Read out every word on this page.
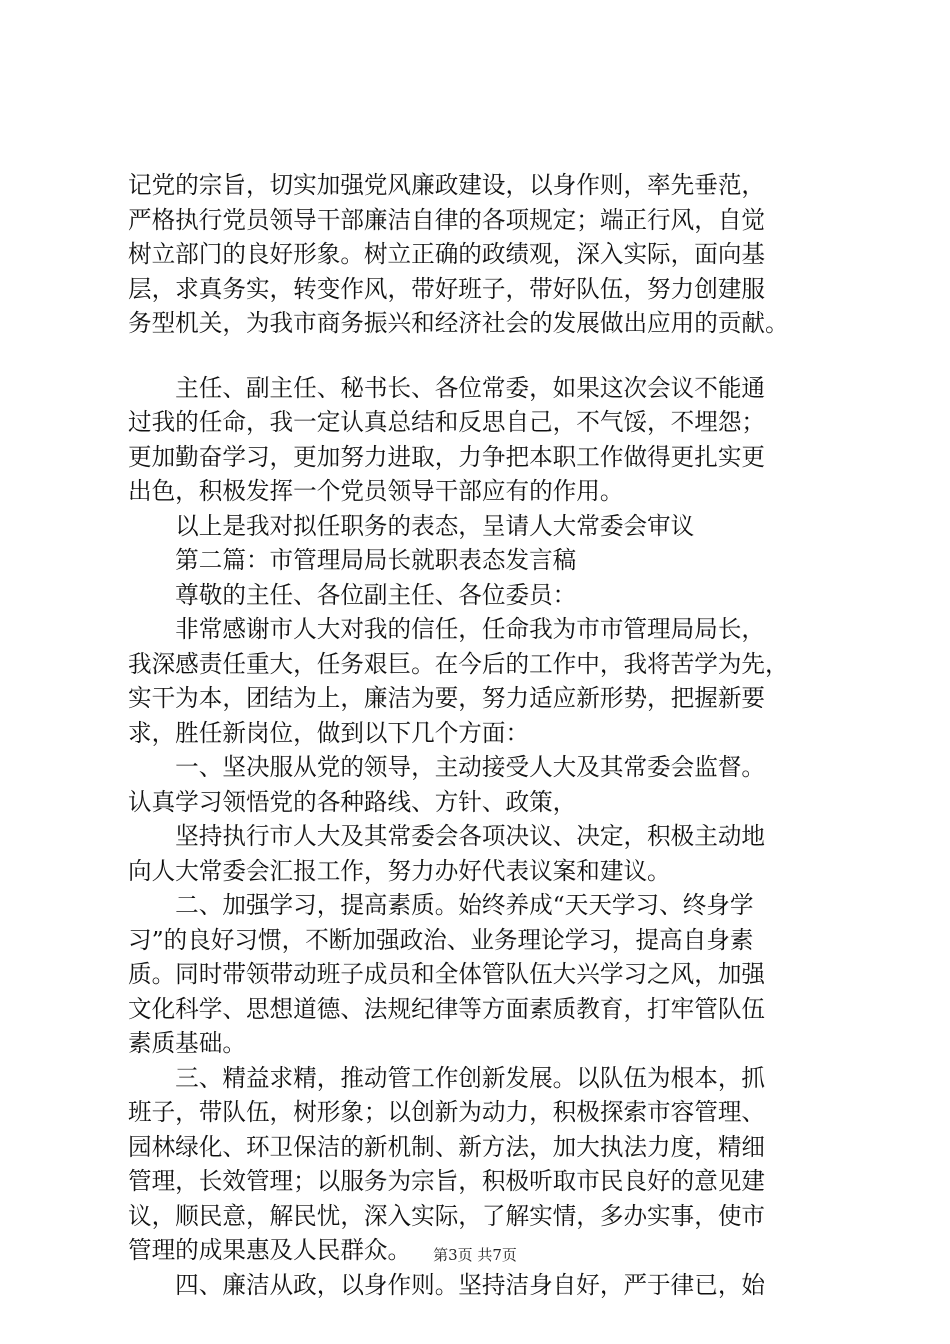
记党的宗旨，切实加强党风廉政建设，以身作则，率先垂范，
严格执行党员领导干部廉洁自律的各项规定；端正行风，自觉
树立部门的良好形象。树立正确的政绩观，深入实际，面向基
层，求真务实，转变作风，带好班子，带好队伍，努力创建服
务型机关，为我市商务振兴和经济社会的发展做出应用的贡献。
　　主任、副主任、秘书长、各位常委，如果这次会议不能通
过我的任命，我一定认真总结和反思自己，不气馁，不埋怨；
更加勤奋学习，更加努力进取，力争把本职工作做得更扎实更
出色，积极发挥一个党员领导干部应有的作用。
　　以上是我对拟任职务的表态，呈请人大常委会审议
　　第二篇：市管理局局长就职表态发言稿
　　尊敬的主任、各位副主任、各位委员：
　　非常感谢市人大对我的信任，任命我为市市管理局局长，
我深感责任重大，任务艰巨。在今后的工作中，我将苦学为先，
实干为本，团结为上，廉洁为要，努力适应新形势，把握新要
求，胜任新岗位，做到以下几个方面：
　　一、坚决服从党的领导，主动接受人大及其常委会监督。
认真学习领悟党的各种路线、方针、政策，
　　坚持执行市人大及其常委会各项决议、决定，积极主动地
向人大常委会汇报工作，努力办好代表议案和建议。
　　二、加强学习，提高素质。始终养成“天天学习、终身学
习”的良好习惯，不断加强政治、业务理论学习，提高自身素
质。同时带领带动班子成员和全体管队伍大兴学习之风，加强
文化科学、思想道德、法规纪律等方面素质教育，打牢管队伍
素质基础。
　　三、精益求精，推动管工作创新发展。以队伍为根本，抓
班子，带队伍，树形象；以创新为动力，积极探索市容管理、
园林绿化、环卫保洁的新机制、新方法，加大执法力度，精细
管理，长效管理；以服务为宗旨，积极听取市民良好的意见建
议，顺民意，解民忧，深入实际，了解实情，多办实事，使市
管理的成果惠及人民群众。
　　四、廉洁从政，以身作则。坚持洁身自好，严于律已，始
第3页 共7页
